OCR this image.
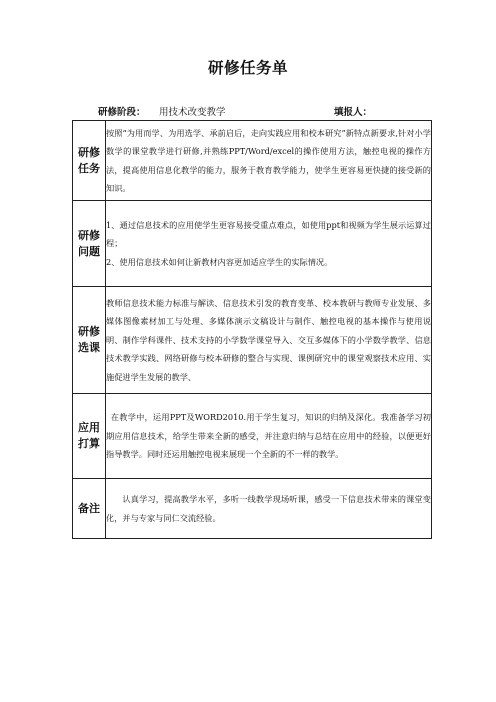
研修任务单
研修阶段： 用技术改变教学	填报人：
研修任务	按照“为用而学、为用选学、承前启后，走向实践应用和校本研究”新特点新要求,针对小学数学的课堂教学进行研修,并熟练PPT/Word/excel的操作使用方法，触控电视的操作方法，提高使用信息化教学的能力，服务于教育教学能力，使学生更容易更快捷的接受新的知识。

研修问题	1、通过信息技术的应用使学生更容易接受重点难点，如使用ppt和视频为学生展示运算过程；
2、使用信息技术如何让新教材内容更加适应学生的实际情况。

研修选课	教师信息技术能力标准与解读、信息技术引发的教育变革、校本教研与教师专业发展、多媒体图像素材加工与处理、多媒体演示文稿设计与制作、触控电视的基本操作与使用说明、制作学科课件、技术支持的小学数学课堂导入、交互多媒体下的小学数学教学、信息技术教学实践、网络研修与校本研修的整合与实现、课例研究中的课堂观察技术应用、实施促进学生发展的教学、

应用打算	在教学中，运用PPT及WORD2010.用于学生复习，知识的归纳及深化。我准备学习初期应用信息技术，给学生带来全新的感受，并注意归纳与总结在应用中的经验，以便更好指导教学。同时还运用触控电视来展现一个全新的不一样的教学。

备注	认真学习，提高教学水平，多听一线教学现场听课，感受一下信息技术带来的课堂变化，并与专家与同仁交流经验。
